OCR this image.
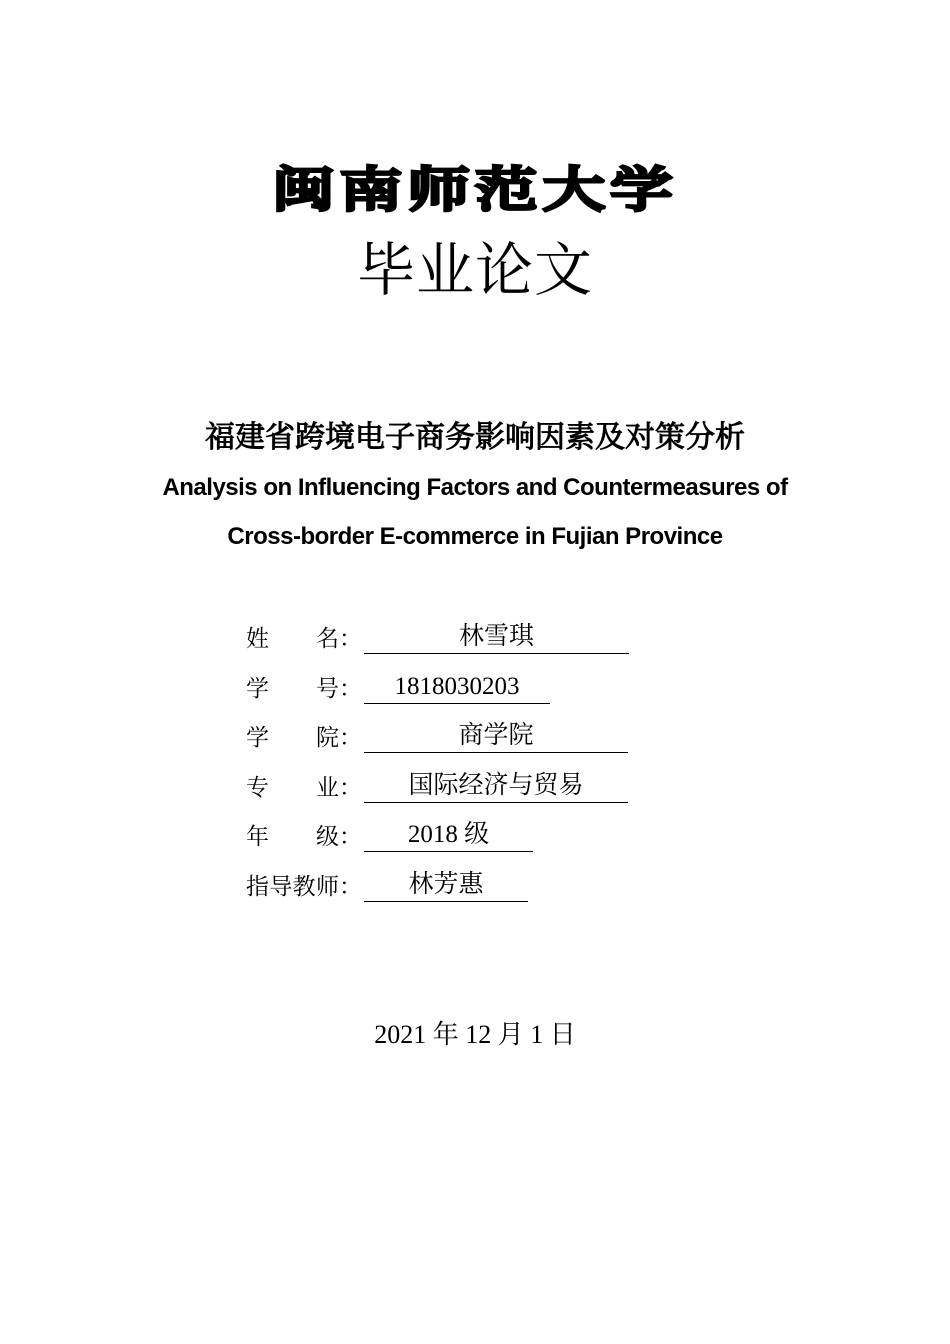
闽南师范大学
毕业论文
福建省跨境电子商务影响因素及对策分析
Analysis on Influencing Factors and Countermeasures of
Cross-border E-commerce in Fujian Province
姓 名 ：	林雪琪
学 号 ：	1818030203
学 院 ：	商学院
专 业 ：	国际经济与贸易
年 级 ：	2018 级
指导教师 ：	林芳惠
2021 年 12 月 1 日
